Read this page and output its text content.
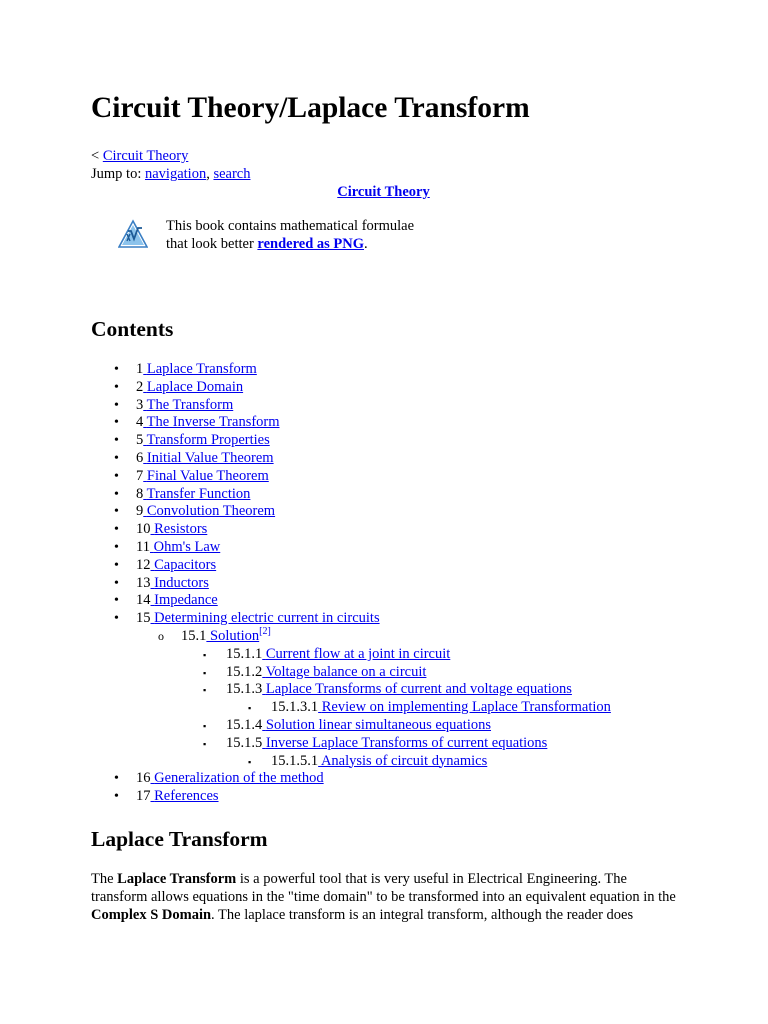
Circuit Theory/Laplace Transform
< Circuit Theory
Jump to: navigation, search
Circuit Theory
This book contains mathematical formulae
that look better rendered as PNG.
Contents
• 1 Laplace Transform
• 2 Laplace Domain
• 3 The Transform
• 4 The Inverse Transform
• 5 Transform Properties
• 6 Initial Value Theorem
• 7 Final Value Theorem
• 8 Transfer Function
• 9 Convolution Theorem
• 10 Resistors
• 11 Ohm's Law
• 12 Capacitors
• 13 Inductors
• 14 Impedance
• 15 Determining electric current in circuits
o 15.1 Solution[2]
▪ 15.1.1 Current flow at a joint in circuit
▪ 15.1.2 Voltage balance on a circuit
▪ 15.1.3 Laplace Transforms of current and voltage equations
▪ 15.1.3.1 Review on implementing Laplace Transformation
▪ 15.1.4 Solution linear simultaneous equations
▪ 15.1.5 Inverse Laplace Transforms of current equations
▪ 15.1.5.1 Analysis of circuit dynamics
• 16 Generalization of the method
• 17 References
Laplace Transform
The Laplace Transform is a powerful tool that is very useful in Electrical Engineering. The transform allows equations in the "time domain" to be transformed into an equivalent equation in the Complex S Domain. The laplace transform is an integral transform, although the reader does
